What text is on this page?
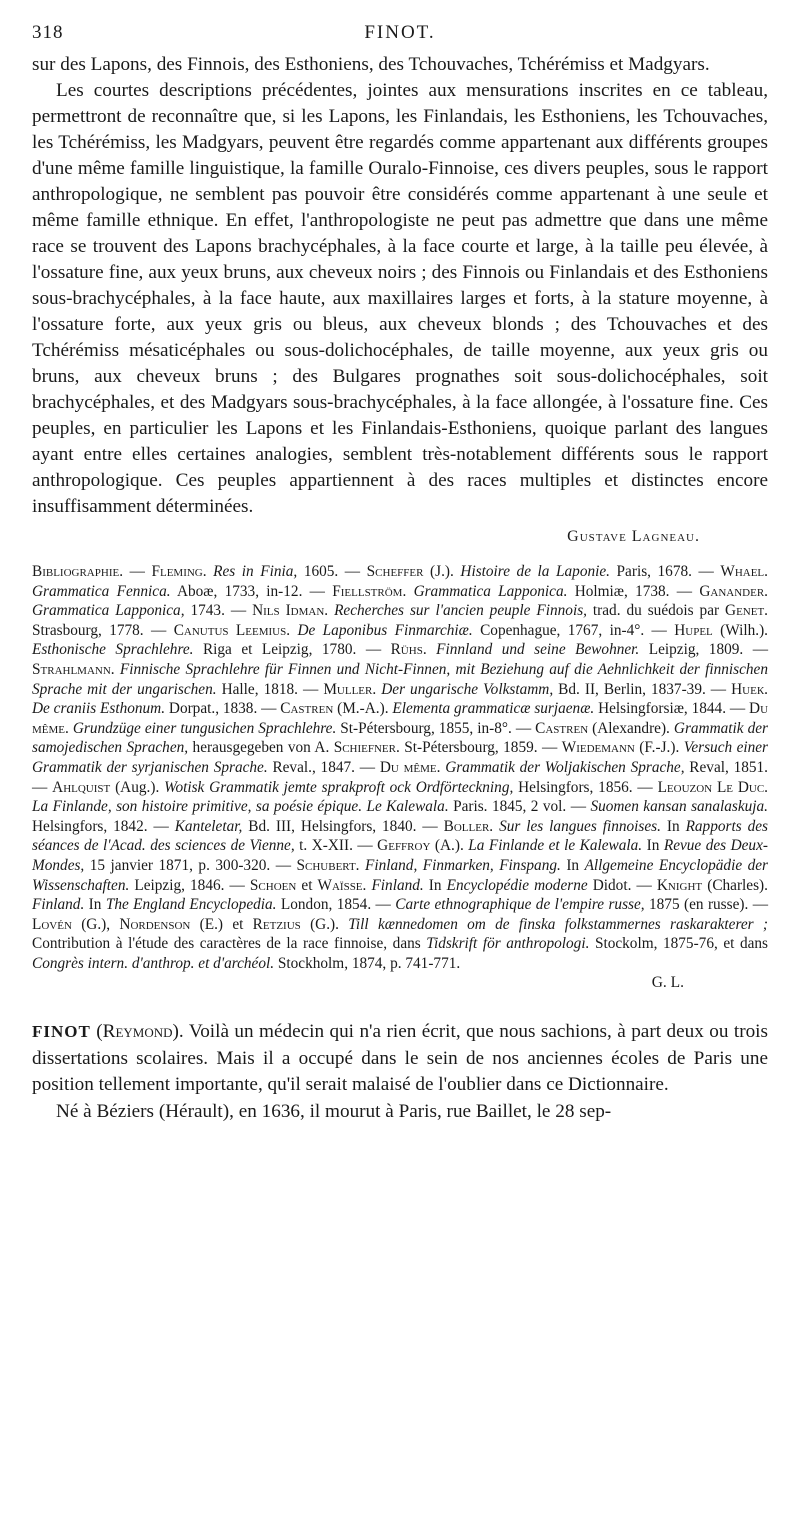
318	FINOT.

sur des Lapons, des Finnois, des Esthoniens, des Tchouvaches, Tchérémiss et Madgyars.

Les courtes descriptions précédentes, jointes aux mensurations inscrites en ce tableau, permettront de reconnaître que, si les Lapons, les Finlandais, les Esthoniens, les Tchouvaches, les Tchérémiss, les Madgyars, peuvent être regardés comme appartenant aux différents groupes d'une même famille linguistique, la famille Ouralo-Finnoise, ces divers peuples, sous le rapport anthropologique, ne semblent pas pouvoir être considérés comme appartenant à une seule et même famille ethnique. En effet, l'anthropologiste ne peut pas admettre que dans une même race se trouvent des Lapons brachycéphales, à la face courte et large, à la taille peu élevée, à l'ossature fine, aux yeux bruns, aux cheveux noirs ; des Finnois ou Finlandais et des Esthoniens sous-brachycéphales, à la face haute, aux maxillaires larges et forts, à la stature moyenne, à l'ossature forte, aux yeux gris ou bleus, aux cheveux blonds ; des Tchouvaches et des Tchérémiss mésaticéphales ou sous-dolichocéphales, de taille moyenne, aux yeux gris ou bruns, aux cheveux bruns ; des Bulgares prognathes soit sous-dolichocéphales, soit brachycéphales, et des Madgyars sous-brachycéphales, à la face allongée, à l'ossature fine. Ces peuples, en particulier les Lapons et les Finlandais-Esthoniens, quoique parlant des langues ayant entre elles certaines analogies, semblent très-notablement différents sous le rapport anthropologique. Ces peuples appartiennent à des races multiples et distinctes encore insuffisamment déterminées.

Gustave Lagneau.
Bibliographie. — Fleming. Res in Finia, 1605. — Scheffer (J.). Histoire de la Laponie. Paris, 1678. — Whael. Grammatica Fennica. Aboæ, 1733, in-12. — Fiellström. Grammatica Lapponica. Holmiæ, 1738. — Ganander. Grammatica Lapponica, 1743. — Nils Idman. Recherches sur l'ancien peuple Finnois, trad. du suédois par Genet. Strasbourg, 1778. — Canutus Leemius. De Laponibus Finmarchiæ. Copenhague, 1767, in-4°. — Hupel (Wilh.). Esthonische Sprachlehre. Riga et Leipzig, 1780. — Rühs. Finnland und seine Bewohner. Leipzig, 1809. — Strahlmann. Finnische Sprachlehre für Finnen und Nicht-Finnen, mit Beziehung auf die Aehnlichkeit der finnischen Sprache mit der ungarischen. Halle, 1818. — Muller. Der ungarische Volkstamm, Bd. II, Berlin, 1837-39. — Hueк. De craniis Esthonum. Dorpat., 1838. — Castren (M.-A.). Elementa grammaticæ surjaenæ. Helsingforsiæ, 1844. — Du même. Grundzüge einer tungusichen Sprachlehre. St-Pétersbourg, 1855, in-8°. — Castren (Alexandre). Grammatik der samojedischen Sprachen, herausgegeben von A. Schiefner. St-Pétersbourg, 1859. — Wiedemann (F.-J.). Versuch einer Grammatik der syrjanischen Sprache. Reval., 1847. — Du même. Grammatik der Woljakischen Sprache, Reval, 1851. — Ahlquist (Aug.). Wotisk Grammatik jemte sprakproft ock Ordförteckning, Helsingfors, 1856. — Leouzon Le Duc. La Finlande, son histoire primitive, sa poésie épique. Le Kalewala. Paris. 1845, 2 vol. — Suomen kansan sanalaskuja. Helsingfors, 1842. — Kanteletar, Bd. III, Helsingfors, 1840. — Boller. Sur les langues finnoises. In Rapports des séances de l'Acad. des sciences de Vienne, t. X-XII. — Geffroy (A.). La Finlande et le Kalewala. In Revue des Deux-Mondes, 15 janvier 1871, p. 300-320. — Schubert. Finland, Finmarken, Finspang. In Allgemeine Encyclopädie der Wissenschaften. Leipzig, 1846. — Schoen et Waïsse. Finland. In Encyclopédie moderne Didot. — Knight (Charles). Finland. In The England Encyclopedia. London, 1854. — Carte ethnographique de l'empire russe, 1875 (en russe). — Lovén (G.), Nordenson (E.) et Retzius (G.). Till kænnedomen om de finska folkstammernes raskarakterer ; Contribution à l'étude des caractères de la race finnoise, dans Tidskrift för anthropologi. Stockolm, 1875-76, et dans Congrès intern. d'anthrop. et d'archéol. Stockholm, 1874, p. 741-771.
G. L.

FINOT (Reymond). Voilà un médecin qui n'a rien écrit, que nous sachions, à part deux ou trois dissertations scolaires. Mais il a occupé dans le sein de nos anciennes écoles de Paris une position tellement importante, qu'il serait malaisé de l'oublier dans ce Dictionnaire.

Né à Béziers (Hérault), en 1636, il mourut à Paris, rue Baillet, le 28 sep-
